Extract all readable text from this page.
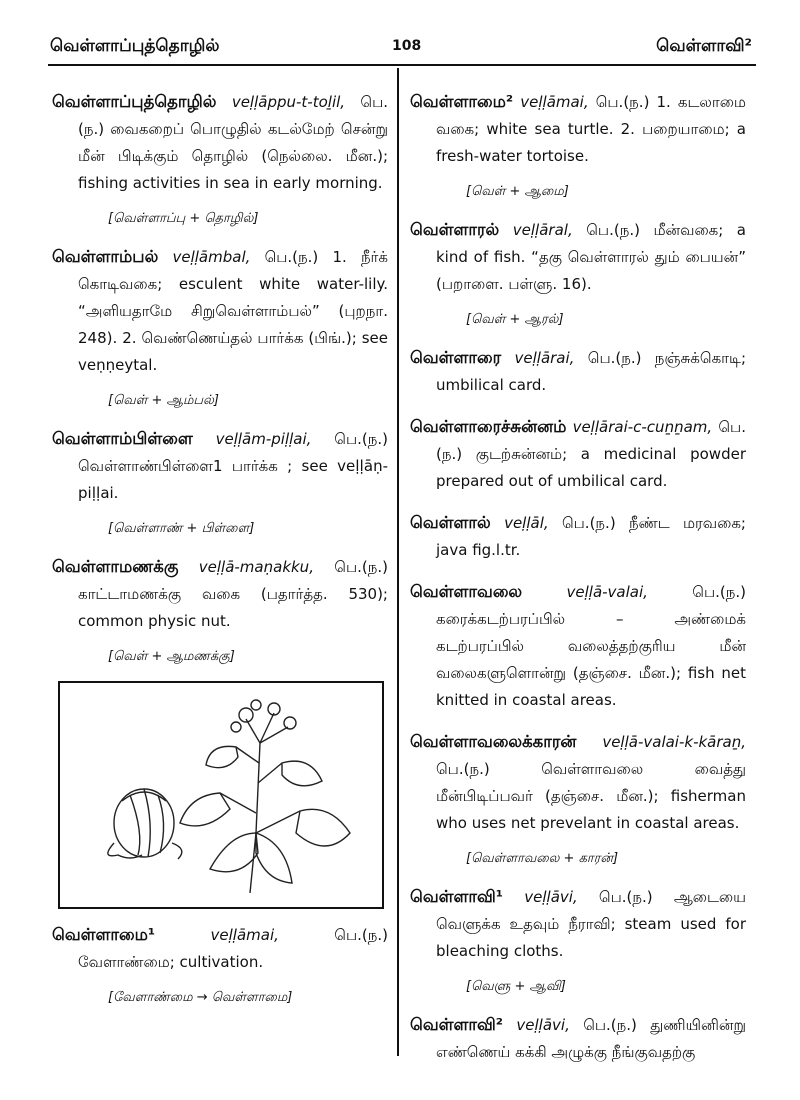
வெள்ளாப்புத்தொழில்	108	வெள்ளாவி²
வெள்ளாப்புத்தொழில் veḷḷāppu-t-toḻil, பெ.(ந.) வைகறைப் பொழுதில் கடல்மேற் சென்று மீன் பிடிக்கும் தொழில் (நெல்லை. மீன.); fishing activities in sea in early morning.
[வெள்ளாப்பு + தொழில்]
வெள்ளாம்பல் veḷḷāmbal, பெ.(ந.) 1. நீர்க் கொடிவகை; esculent white water-lily. “அளியதாமே சிறுவெள்ளாம்பல்” (புறநா. 248). 2. வெண்ணெய்தல் பார்க்க (பிங்.); see veṇṇeytal.
[வெள் + ஆம்பல்]
வெள்ளாம்பிள்ளை veḷḷām-piḷḷai, பெ.(ந.) வெள்ளாண்பிள்ளை1 பார்க்க ; see veḷḷāṇ-piḷḷai.
[வெள்ளாண் + பிள்ளை]
வெள்ளாமணக்கு veḷḷā-maṇakku, பெ.(ந.) காட்டாமணக்கு வகை (பதார்த்த. 530); common physic nut.
[வெள் + ஆமணக்கு]
வெள்ளாமை¹	veḷḷāmai,	பெ.(ந.) வேளாண்மை; cultivation.
[வேளாண்மை → வெள்ளாமை]
வெள்ளாமை² veḷḷāmai, பெ.(ந.) 1. கடலாமை வகை; white sea turtle. 2. பறையாமை; a fresh-water tortoise.
[வெள் + ஆமை]
வெள்ளாரல் veḷḷāral, பெ.(ந.) மீன்வகை; a kind of fish. “தகு வெள்ளாரல் தும் பையன்” (பறாளை. பள்ளு. 16).
[வெள் + ஆரல்]
வெள்ளாரை veḷḷārai, பெ.(ந.) நஞ்சுக்கொடி; umbilical card.
வெள்ளாரைச்சுன்னம் veḷḷārai-c-cuṉṉam, பெ.(ந.) குடற்சுன்னம்; a medicinal powder prepared out of umbilical card.
வெள்ளால் veḷḷāl, பெ.(ந.) நீண்ட மரவகை; java fig.l.tr.
வெள்ளாவலை	veḷḷā-valai,	பெ.(ந.) கரைக்கடற்பரப்பில் – அண்மைக் கடற்பரப்பில் வலைத்தற்குரிய மீன் வலைகளுளொன்று (தஞ்சை. மீன.); fish net knitted in coastal areas.
வெள்ளாவலைக்காரன் veḷḷā-valai-k-kāraṉ, பெ.(ந.) வெள்ளாவலை வைத்து மீன்பிடிப்பவர் (தஞ்சை. மீன.); fisherman who uses net prevelant in coastal areas.
[வெள்ளாவலை + காரன்]
வெள்ளாவி¹ veḷḷāvi, பெ.(ந.) ஆடையை வெளுக்க உதவும் நீராவி; steam used for bleaching cloths.
[வெளு + ஆவி]
வெள்ளாவி² veḷḷāvi, பெ.(ந.) துணியினின்று எண்ணெய் கக்கி அழுக்கு நீங்குவதற்கு
